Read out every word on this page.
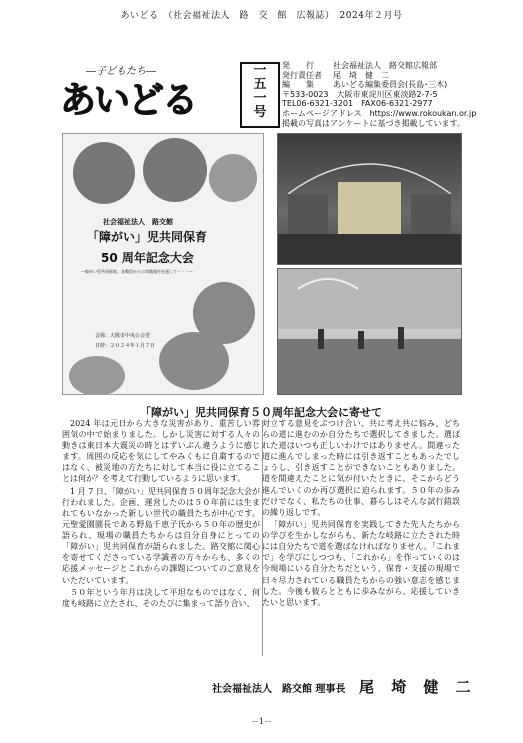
あいどる　（社会福祉法人　路　交　館　広報誌）　2024年２月号
―子どもたち―
あいどる
一
五
一
号
発　　行 社会福祉法人　路交館広報部
発行責任者 尾　埼　健　二
編　　集 あいどる編集委員会(長島･三木)
〒533-0023　大阪市東淀川区東淡路2-7-5
TEL06-6321-3201　FAX06-6321-2977
ホームページアドレス　https://www.rokoukan.or.jp
掲載の写真はアンケートに基づき掲載しています。
社会福祉法人　路交館
「障がい」児共同保育
50 周年記念大会
～障がい児共同保育、各教員からの実践報告を通して・・・～
会場：大阪市中央公会堂
日時：２０２４年１月７日
「障がい」児共同保育５０周年記念大会に寄せて

2024 年は元日から大きな災害があり、重苦しい雰囲気の中で始まりました。しかし災害に対する人々の動きは東日本大震災の時とはずいぶん違うように感じます。周囲の反応を気にしてやみくもに自粛するのではなく、被災地の方たちに対して本当に役に立てることは何か？を考えて行動しているように思います。

1 月 7 日、「障がい」児共同保育５０周年記念大会が行われました。企画、運営したのは５０年前には生まれてもいなかった新しい世代の職員たちが中心です。元聖愛園園長である野島千恵子氏から５０年の歴史が語られ、現場の職員たちからは自分自身にとっての「障がい」児共同保育が語られました。路交館に関心を寄せてくださっている学識者の方々からも、多くの応援メッセージとこれからの課題についてのご意見をいただいています。

５０年という年月は決して平坦なものではなく、何度も岐路に立たされ、そのたびに集まって語り合い、

対立する意見をぶつけ合い、共に考え共に悩み、どちらの道に進むのか自分たちで選択してきました。選ばれた道はいつも正しいわけではありません。間違った道に進んでしまった時には引き返すこともあったでしょうし、引き返すことができないこともありました。道を間違えたことに気が付いたときに、そこからどう進んでいくのか再び選択に迫られます。５０年の歩みだけでなく、私たちの仕事、暮らしはそんな試行錯誤の繰り返しです。

「障がい」児共同保育を実践してきた先人たちからの学びを生かしながらも、新たな岐路に立たされた時には自分たちで道を選ばなければなりません。「これまで」を学びにしつつも、「これから」を作っていくのは今現場にいる自分たちだという、保育・支援の現場で日々尽力されている職員たちからの強い意志を感じました。今後も彼らとともに歩みながら、応援していきたいと思います。

社会福祉法人　路交館 理事長 尾 埼 健 二
－1－
